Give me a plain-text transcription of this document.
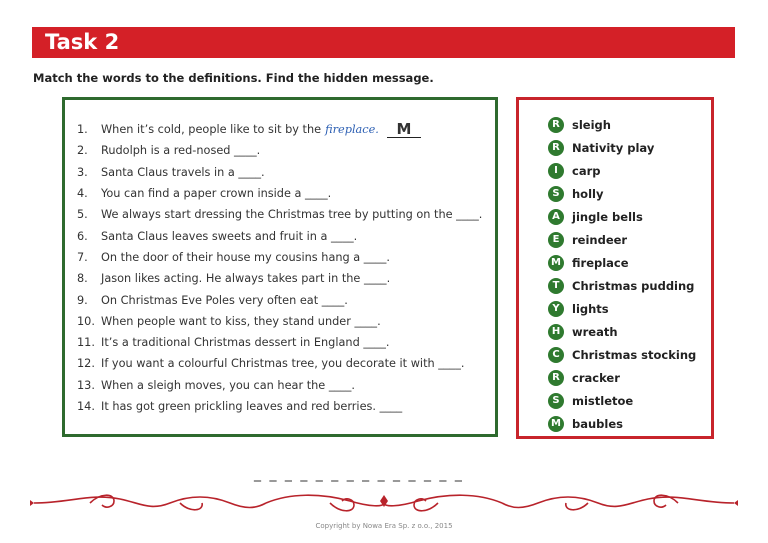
Task 2
Match the words to the definitions. Find the hidden message.
1.	When it’s cold, people like to sit by the fireplace.	M
2.	Rudolph is a red-nosed ____.
3.	Santa Claus travels in a ____.
4.	You can find a paper crown inside a ____.
5.	We always start dressing the Christmas tree by putting on the ____.
6.	Santa Claus leaves sweets and fruit in a ____.
7.	On the door of their house my cousins hang a ____.
8.	Jason likes acting. He always takes part in the ____.
9.	On Christmas Eve Poles very often eat ____.
10. When people want to kiss, they stand under ____.
11. It’s a traditional Christmas dessert in England ____.
12. If you want a colourful Christmas tree, you decorate it with ____.
13. When a sleigh moves, you can hear the ____.
14. It has got green prickling leaves and red berries. ____
R	sleigh
R	Nativity play
I	carp
S	holly
A	jingle bells
E	reindeer
M fireplace
T	Christmas pudding
Y	lights
H	wreath
C	Christmas stocking
R	cracker
S	mistletoe
M baubles
_ _ _ _ _ _ _ _ _ _ _ _ _ _
Copyright by Nowa Era Sp. z o.o., 2015
